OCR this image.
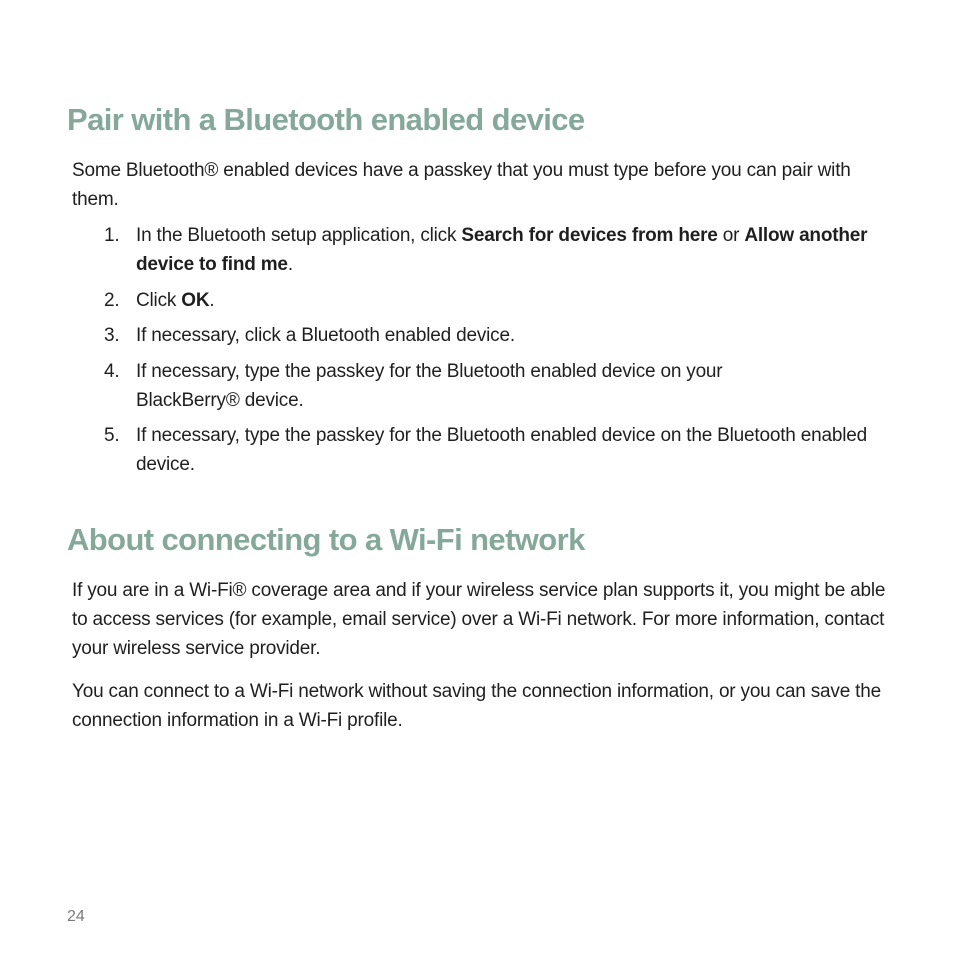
Pair with a Bluetooth enabled device

Some Bluetooth® enabled devices have a passkey that you must type before you can pair with them.

1. In the Bluetooth setup application, click Search for devices from here or Allow another device to find me.
2. Click OK.
3. If necessary, click a Bluetooth enabled device.
4. If necessary, type the passkey for the Bluetooth enabled device on your BlackBerry® device.
5. If necessary, type the passkey for the Bluetooth enabled device on the Bluetooth enabled device.
About connecting to a Wi-Fi network

If you are in a Wi-Fi® coverage area and if your wireless service plan supports it, you might be able to access services (for example, email service) over a Wi-Fi network. For more information, contact your wireless service provider.

You can connect to a Wi-Fi network without saving the connection information, or you can save the connection information in a Wi-Fi profile.

24
